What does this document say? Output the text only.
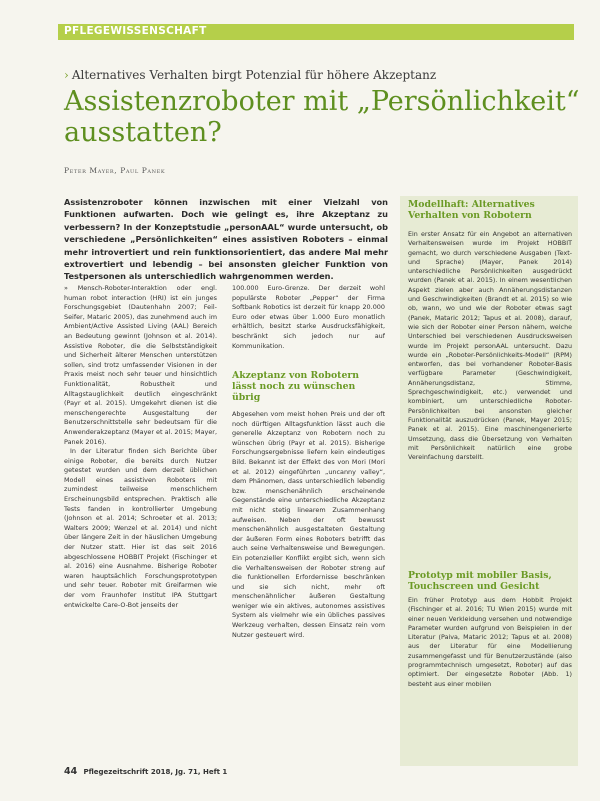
PFLEGEWISSENSCHAFT
› Alternatives Verhalten birgt Potenzial für höhere Akzeptanz
Assistenzroboter mit „Persönlichkeit“ ausstatten?
Peter Mayer, Paul Panek
Assistenzroboter können inzwischen mit einer Vielzahl von Funktionen aufwarten. Doch wie gelingt es, ihre Akzeptanz zu verbessern? In der Konzeptstudie „personAAL“ wurde untersucht, ob verschiedene „Persönlichkeiten“ eines assistiven Roboters – einmal mehr introvertiert und rein funktionsorientiert, das andere Mal mehr extrovertiert und lebendig – bei ansonsten gleicher Funktion von Testpersonen als unterschiedlich wahrgenommen werden.

» Mensch-Roboter-Interaktion oder engl. human robot interaction (HRI) ist ein junges Forschungsgebiet (Dautenhahn 2007; Feil-Seifer, Mataric 2005), das zunehmend auch im Ambient/Active Assisted Living (AAL) Bereich an Bedeutung gewinnt (Johnson et al. 2014). Assistive Roboter, die die Selbstständigkeit und Sicherheit älterer Menschen unterstützen sollen, sind trotz umfassender Visionen in der Praxis meist noch sehr teuer und hinsichtlich Funktionalität, Robustheit und Alltagstauglichkeit deutlich eingeschränkt (Payr et al. 2015). Umgekehrt dienen ist die menschengerechte Ausgestaltung der Benutzerschnittstelle sehr bedeutsam für die Anwenderakzeptanz (Mayer et al. 2015; Mayer, Panek 2016).

In der Literatur finden sich Berichte über einige Roboter, die bereits durch Nutzer getestet wurden und dem derzeit üblichen Modell eines assistiven Roboters mit zumindest teilweise menschlichem Erscheinungsbild entsprechen. Praktisch alle Tests fanden in kontrollierter Umgebung (Johnson et al. 2014; Schroeter et al. 2013; Walters 2009; Wenzel et al. 2014) und nicht über längere Zeit in der häuslichen Umgebung der Nutzer statt. Hier ist das seit 2016 abgeschlossene HOBBIT Projekt (Fischinger et al. 2016) eine Ausnahme. Bisherige Roboter waren hauptsächlich Forschungsprototypen und sehr teuer. Roboter mit Greifarmen wie der vom Fraunhofer Institut IPA Stuttgart entwickelte Care-O-Bot jenseits der

100.000 Euro-Grenze. Der derzeit wohl populärste Roboter „Pepper“ der Firma Softbank Robotics ist derzeit für knapp 20.000 Euro oder etwas über 1.000 Euro monatlich erhältlich, besitzt starke Ausdrucksfähigkeit, beschränkt sich jedoch nur auf Kommunikation.

Akzeptanz von Robotern lässt noch zu wünschen übrig

Abgesehen vom meist hohen Preis und der oft noch dürftigen Alltagsfunktion lässt auch die generelle Akzeptanz von Robotern noch zu wünschen übrig (Payr et al. 2015). Bisherige Forschungsergebnisse liefern kein eindeutiges Bild. Bekannt ist der Effekt des von Mori (Mori et al. 2012) eingeführten „uncanny valley“, dem Phänomen, dass unterschiedlich lebendig bzw. menschenähnlich erscheinende Gegenstände eine unterschiedliche Akzeptanz mit nicht stetig linearem Zusammenhang aufweisen. Neben der oft bewusst menschenähnlich ausgestalteten Gestaltung der äußeren Form eines Roboters betrifft das auch seine Verhaltensweise und Bewegungen. Ein potenzieller Konflikt ergibt sich, wenn sich die Verhaltensweisen der Roboter streng auf die funktionellen Erfordernisse beschränken und sie sich nicht, mehr oft menschenähnlicher äußeren Gestaltung weniger wie ein aktives, autonomes assistives System als vielmehr wie ein übliches passives Werkzeug verhalten, dessen Einsatz rein vom Nutzer gesteuert wird.

Modellhaft: Alternatives Verhalten von Robotern

Ein erster Ansatz für ein Angebot an alternativen Verhaltensweisen wurde im Projekt HOBBIT gemacht, wo durch verschiedene Ausgaben (Text- und Sprache) (Mayer, Panek 2014) unterschiedliche Persönlichkeiten ausgedrückt wurden (Panek et al. 2015). In einem wesentlichen Aspekt zielen aber auch Annäherungsdistanzen und Geschwindigkeiten (Brandt et al. 2015) so wie ob, wann, wo und wie der Roboter etwas sagt (Panek, Mataric 2012; Tapus et al. 2008), darauf, wie sich der Roboter einer Person nähern, welche Unterschied bei verschiedenen Ausdrucksweisen wurde im Projekt personAAL untersucht. Dazu wurde ein „Roboter-Persönlichkeits-Modell“ (RPM) entworfen, das bei vorhandener Roboter-Basis verfügbare Parameter (Geschwindigkeit, Annäherungsdistanz, Stimme, Sprechgeschwindigkeit, etc.) verwendet und kombiniert, um unterschiedliche Roboter-Persönlichkeiten bei ansonsten gleicher Funktionalität auszudrücken (Panek, Mayer 2015; Panek et al. 2015). Eine maschinengenerierte Umsetzung, dass die Übersetzung von Verhalten mit Persönlichkeit natürlich eine grobe Vereinfachung darstellt.

Prototyp mit mobiler Basis, Touchscreen und Gesicht

Ein früher Prototyp aus dem Hobbit Projekt (Fischinger et al. 2016; TU Wien 2015) wurde mit einer neuen Verkleidung versehen und notwendige Parameter wurden aufgrund von Beispielen in der Literatur (Paiva, Mataric 2012; Tapus et al. 2008) aus der Literatur für eine Modellierung zusammengefasst und für Benutzerzustände (also programmtechnisch umgesetzt, Roboter) auf das optimiert. Der eingesetzte Roboter (Abb. 1) besteht aus einer mobilen

44 Pflegezeitschrift 2018, Jg. 71, Heft 1
